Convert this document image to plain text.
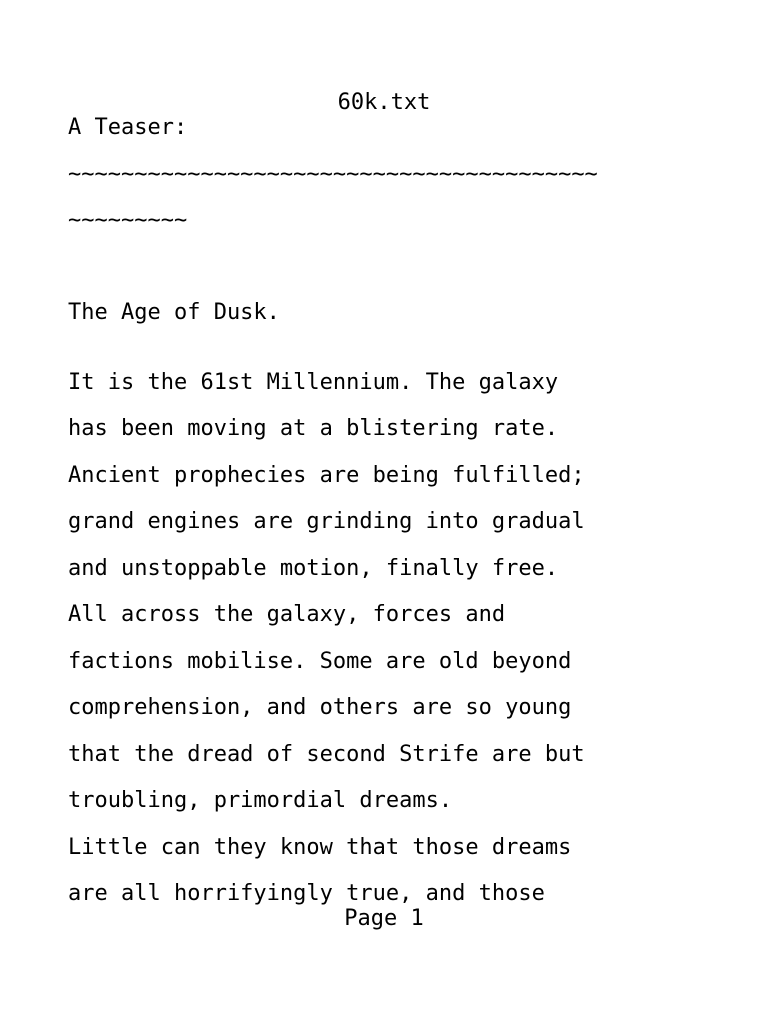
60k.txt
A Teaser:
~~~~~~~~~~~~~~~~~~~~~~~~~~~~~~~~~~~~~~~~
~~~~~~~~~
The Age of Dusk.
It is the 61st Millennium. The galaxy
has been moving at a blistering rate.
Ancient prophecies are being fulfilled;
grand engines are grinding into gradual
and unstoppable motion, finally free.
All across the galaxy, forces and
factions mobilise. Some are old beyond
comprehension, and others are so young
that the dread of second Strife are but
troubling, primordial dreams.
Little can they know that those dreams
are all horrifyingly true, and those
Page 1
